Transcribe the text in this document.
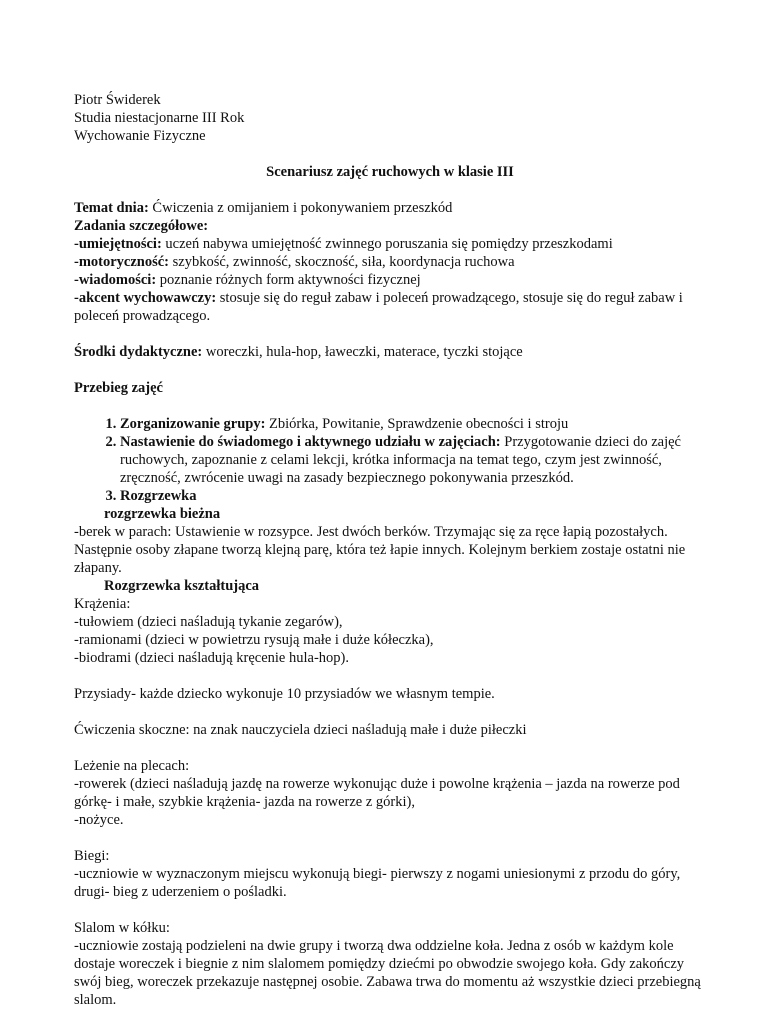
Piotr Świderek

Studia niestacjonarne III Rok

Wychowanie Fizyczne

Scenariusz zajęć ruchowych w klasie III

Temat dnia: Ćwiczenia z omijaniem i pokonywaniem przeszkód

Zadania szczegółowe:

-umiejętności: uczeń nabywa umiejętność zwinnego poruszania się pomiędzy przeszkodami

-motoryczność: szybkość, zwinność, skoczność, siła, koordynacja ruchowa

-wiadomości: poznanie różnych form aktywności fizycznej

-akcent wychowawczy: stosuje się do reguł zabaw i poleceń prowadzącego, stosuje się do reguł zabaw i poleceń prowadzącego.

Środki dydaktyczne: woreczki, hula-hop, ławeczki, materace, tyczki stojące

Przebieg zajęć

1. Zorganizowanie grupy: Zbiórka, Powitanie, Sprawdzenie obecności i stroju
2. Nastawienie do świadomego i aktywnego udziału w zajęciach: Przygotowanie dzieci do zajęć ruchowych, zapoznanie z celami lekcji, krótka informacja na temat tego, czym jest zwinność, zręczność, zwrócenie uwagi na zasady bezpiecznego pokonywania przeszkód.
3. Rozgrzewka

rozgrzewka bieżna

-berek w parach: Ustawienie w rozsypce. Jest dwóch berków. Trzymając się za ręce łapią pozostałych. Następnie osoby złapane tworzą klejną parę, która też łapie innych. Kolejnym berkiem zostaje ostatni nie złapany.

Rozgrzewka kształtująca

Krążenia:

-tułowiem (dzieci naśladują tykanie zegarów),

-ramionami (dzieci w powietrzu rysują małe i duże kółeczka),

-biodrami (dzieci naśladują kręcenie hula-hop).

Przysiady- każde dziecko wykonuje 10 przysiadów we własnym tempie.

Ćwiczenia skoczne: na znak nauczyciela dzieci naśladują małe i duże piłeczki

Leżenie na plecach:

-rowerek (dzieci naśladują jazdę na rowerze wykonując duże i powolne krążenia – jazda na rowerze pod górkę- i małe, szybkie krążenia- jazda na rowerze z górki),

-nożyce.

Biegi:

-uczniowie w wyznaczonym miejscu wykonują biegi- pierwszy z nogami uniesionymi z przodu do góry, drugi- bieg z uderzeniem o pośladki.

Slalom w kółku:

-uczniowie zostają podzieleni na dwie grupy i tworzą dwa oddzielne koła. Jedna z osób w każdym kole dostaje woreczek i biegnie z nim slalomem pomiędzy dziećmi po obwodzie swojego koła. Gdy zakończy swój bieg, woreczek przekazuje następnej osobie. Zabawa trwa do momentu aż wszystkie dzieci przebiegną slalom.
